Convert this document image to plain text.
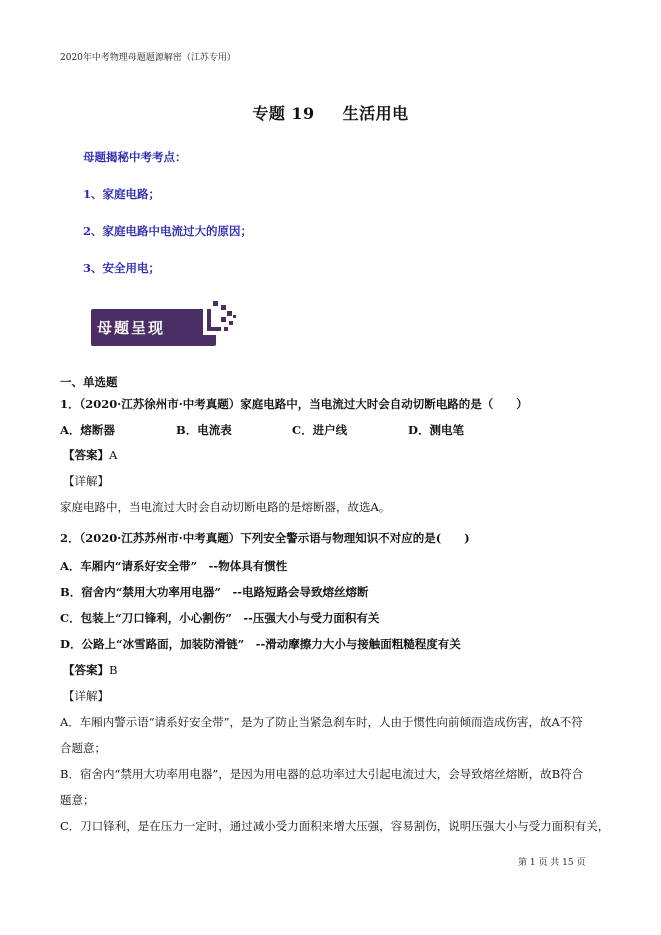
2020年中考物理母题题源解密（江苏专用）
专题 19 生活用电
母题揭秘中考考点：
1、家庭电路；
2、家庭电路中电流过大的原因；
3、安全用电；
母题呈现
一、单选题
1．（2020·江苏徐州市·中考真题）家庭电路中，当电流过大时会自动切断电路的是（　　）
A．熔断器	B．电流表	C．进户线	D．测电笔
【答案】A
【详解】
家庭电路中，当电流过大时会自动切断电路的是熔断器，故选A。
2．（2020·江苏苏州市·中考真题）下列安全警示语与物理知识不对应的是(　　)
A．车厢内“请系好安全带”　--物体具有惯性
B．宿舍内“禁用大功率用电器”　--电路短路会导致熔丝熔断
C．包装上“刀口锋利，小心割伤”　--压强大小与受力面积有关
D．公路上“冰雪路面，加装防滑链”　--滑动摩擦力大小与接触面粗糙程度有关
【答案】B
【详解】
A．车厢内警示语“请系好安全带”，是为了防止当紧急刹车时，人由于惯性向前倾而造成伤害，故A不符
合题意；
B．宿舍内“禁用大功率用电器”，是因为用电器的总功率过大引起电流过大，会导致熔丝熔断，故B符合
题意；
C．刀口锋利，是在压力一定时，通过减小受力面积来增大压强，容易割伤，说明压强大小与受力面积有关，
第 1 页 共 15 页
